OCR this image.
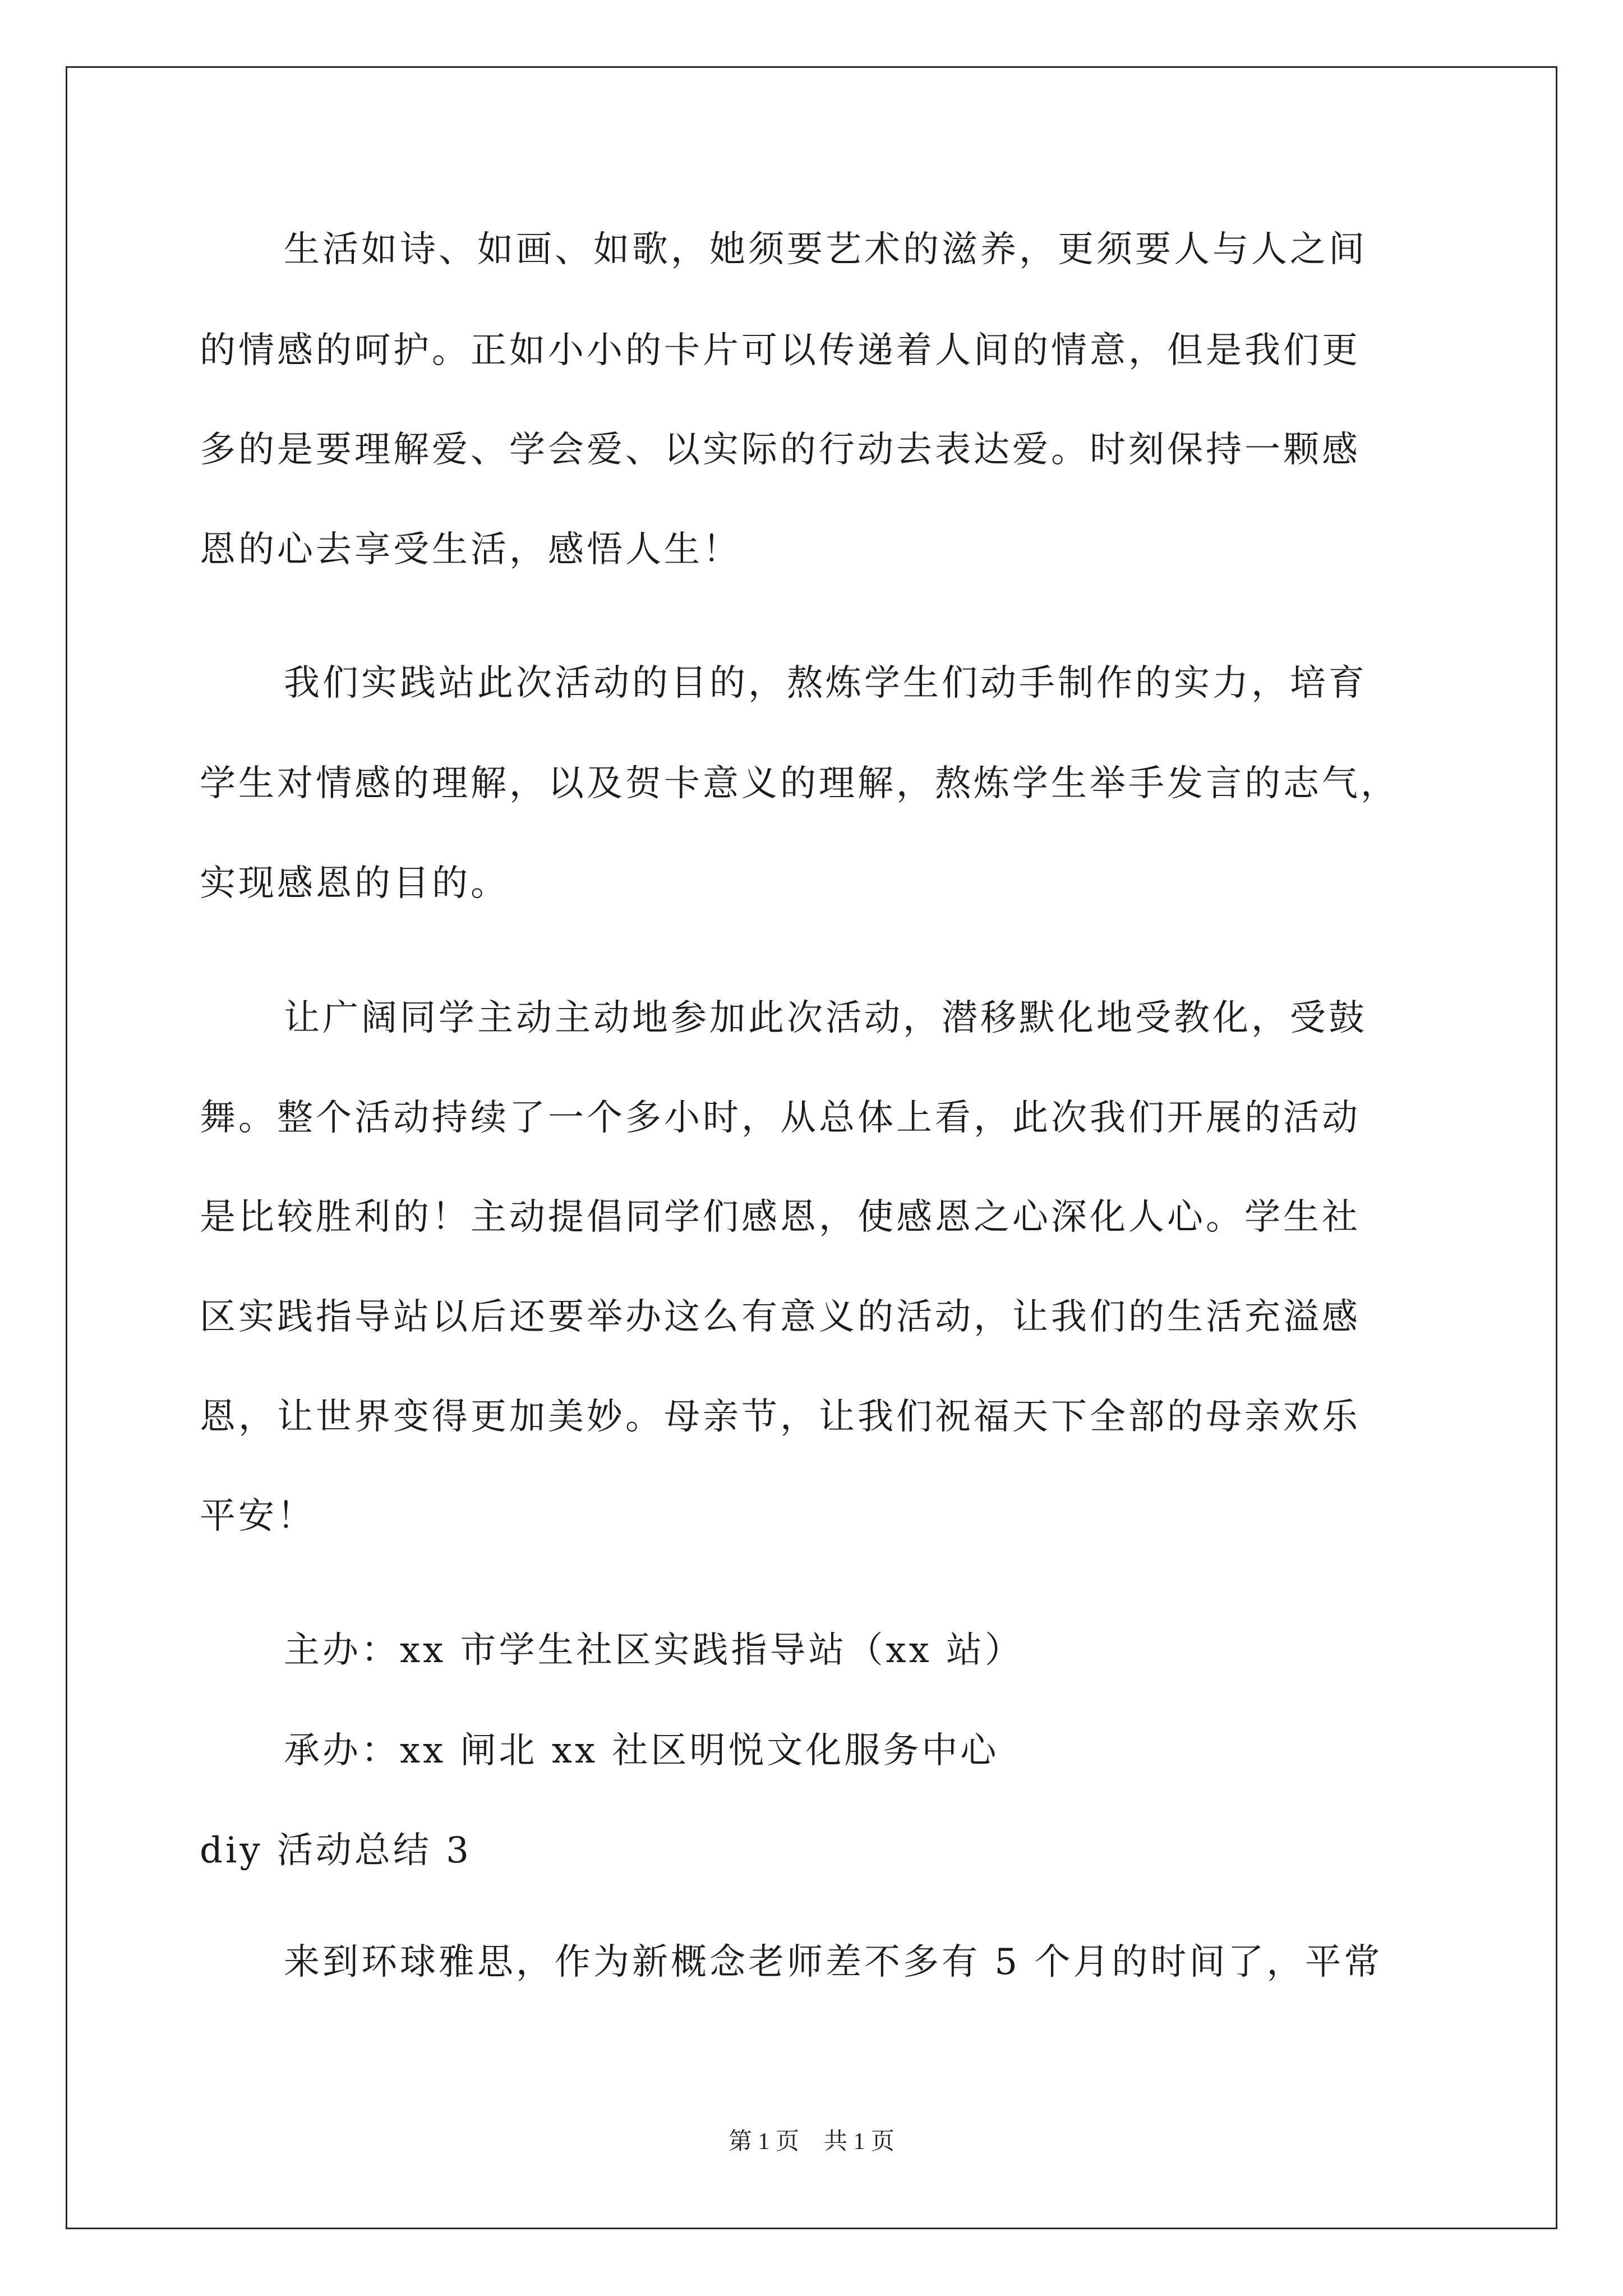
生活如诗、如画、如歌，她须要艺术的滋养，更须要人与人之间

的情感的呵护。正如小小的卡片可以传递着人间的情意，但是我们更

多的是要理解爱、学会爱、以实际的行动去表达爱。时刻保持一颗感

恩的心去享受生活，感悟人生！

我们实践站此次活动的目的，熬炼学生们动手制作的实力，培育

学生对情感的理解，以及贺卡意义的理解，熬炼学生举手发言的志气，

实现感恩的目的。

让广阔同学主动主动地参加此次活动，潜移默化地受教化，受鼓

舞。整个活动持续了一个多小时，从总体上看，此次我们开展的活动

是比较胜利的！主动提倡同学们感恩，使感恩之心深化人心。学生社

区实践指导站以后还要举办这么有意义的活动，让我们的生活充溢感

恩，让世界变得更加美妙。母亲节，让我们祝福天下全部的母亲欢乐

平安！

主办：xx 市学生社区实践指导站（xx 站）

承办：xx 闸北 xx 社区明悦文化服务中心

diy 活动总结 3

来到环球雅思，作为新概念老师差不多有 5 个月的时间了，平常

第 1 页 共 1 页
